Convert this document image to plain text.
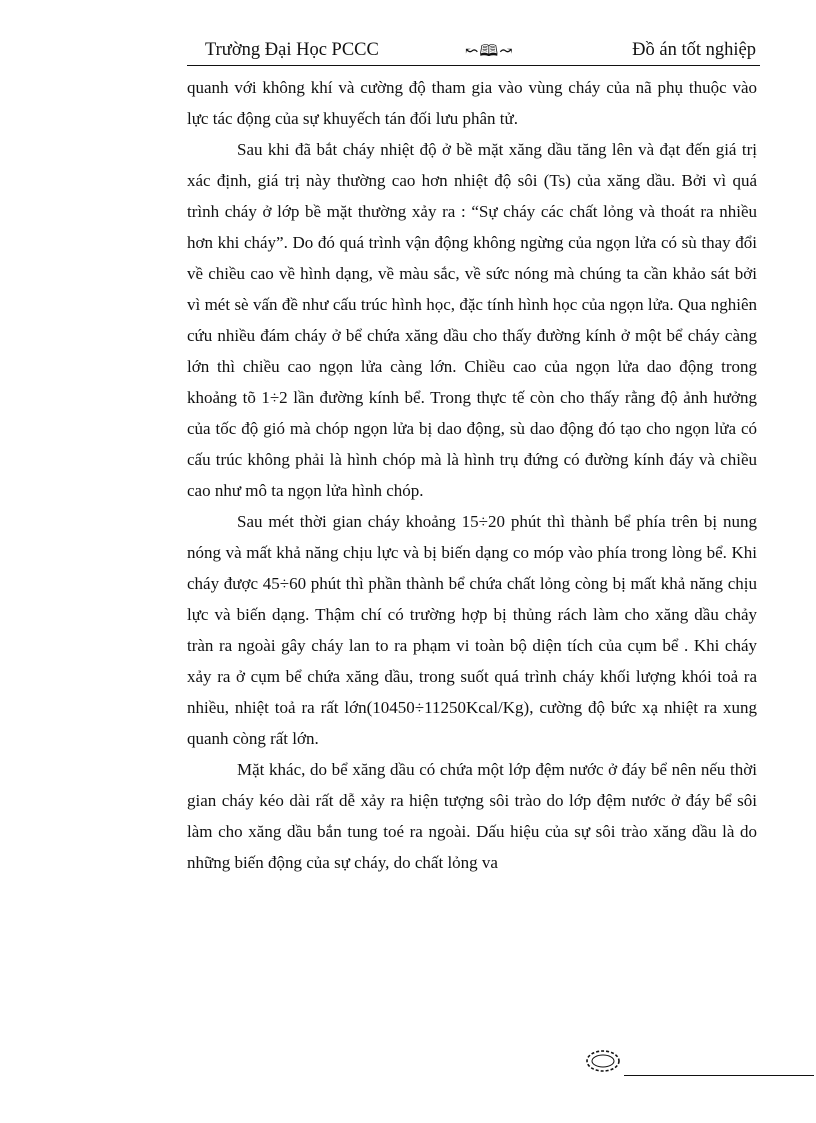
Trường Đại Học PCCC	↜🕮↝	Đồ án tốt nghiệp

quanh với không khí và cường độ tham gia vào vùng cháy của nã phụ thuộc vào lực tác động của sự khuyếch tán đối lưu phân tử.

Sau khi đã bắt cháy nhiệt độ ở bề mặt xăng dầu tăng lên và đạt đến giá trị xác định, giá trị này thường cao hơn nhiệt độ sôi (Ts) của xăng dầu. Bởi vì quá trình cháy ở lớp bề mặt thường xảy ra : “Sự cháy các chất lỏng và thoát ra nhiều hơn khi cháy”. Do đó quá trình vận động không ngừng của ngọn lửa có sù thay đổi về chiều cao về hình dạng, về màu sắc, về sức nóng mà chúng ta cần khảo sát bởi vì mét sè vấn đề như cấu trúc hình học, đặc tính hình học của ngọn lửa. Qua nghiên cứu nhiều đám cháy ở bể chứa xăng dầu cho thấy đường kính ở một bể cháy càng lớn thì chiều cao ngọn lửa càng lớn. Chiều cao của ngọn lửa dao động trong khoảng tõ 1÷2 lần đường kính bể. Trong thực tế còn cho thấy rằng độ ảnh hưởng của tốc độ gió mà chóp ngọn lửa bị dao động, sù dao động đó tạo cho ngọn lửa có cấu trúc không phải là hình chóp mà là hình trụ đứng có đường kính đáy và chiều cao như mô ta ngọn lửa hình chóp.

Sau mét thời gian cháy khoảng 15÷20 phút thì thành bể phía trên bị nung nóng và mất khả năng chịu lực và bị biến dạng co móp vào phía trong lòng bể. Khi cháy được 45÷60 phút thì phần thành bể chứa chất lỏng còng bị mất khả năng chịu lực và biến dạng. Thậm chí có trường hợp bị thủng rách làm cho xăng dầu chảy tràn ra ngoài gây cháy lan to ra phạm vi toàn bộ diện tích của cụm bể . Khi cháy xảy ra ở cụm bể chứa xăng dầu, trong suốt quá trình cháy khối lượng khói toả ra nhiều, nhiệt toả ra rất lớn(10450÷11250Kcal/Kg), cường độ bức xạ nhiệt ra xung quanh còng rất lớn.

Mặt khác, do bể xăng dầu có chứa một lớp đệm nước ở đáy bể nên nếu thời gian cháy kéo dài rất dễ xảy ra hiện tượng sôi trào do lớp đệm nước ở đáy bể sôi làm cho xăng dầu bắn tung toé ra ngoài. Dấu hiệu của sự sôi trào xăng dầu là do những biến động của sự cháy, do chất lỏng va
